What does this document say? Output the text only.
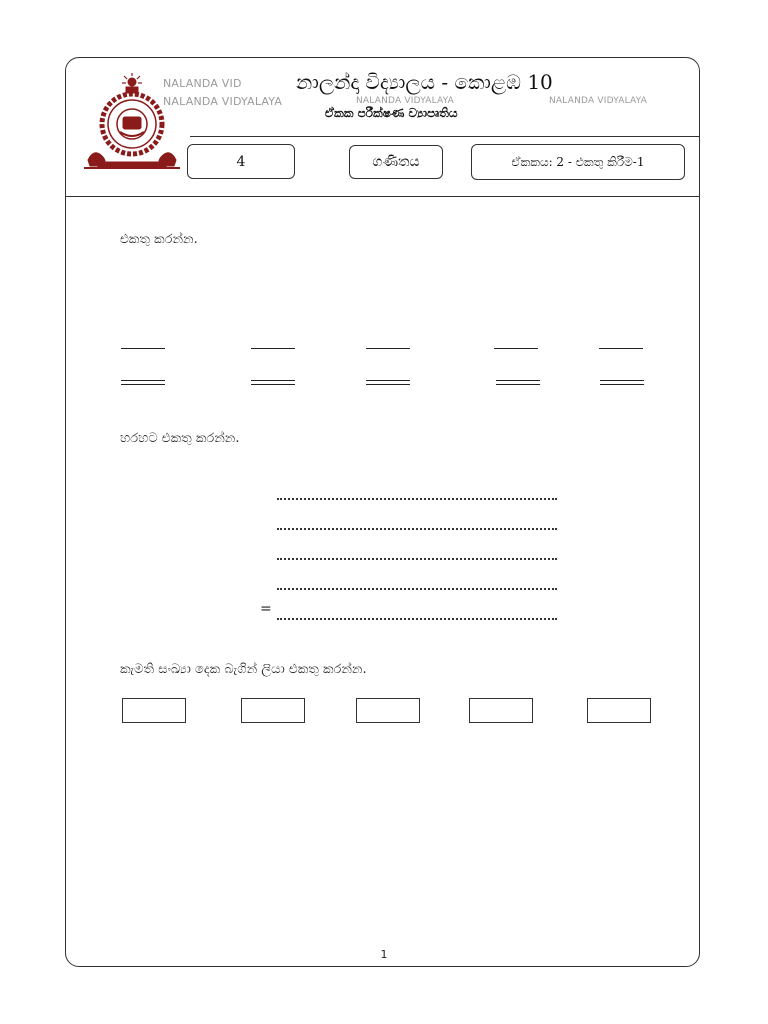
NALANDA VID
NALANDA VIDYALAYA	NALANDA VIDYALAYA	NALANDA VIDYALAYA
නාලන්දා විද්‍යාලය - කොළඹ 10
ඒකක පරීක්ෂණ ව්‍යාපෘතිය
4	ගණිතය	ඒකකය: 2 - එකතු කිරීම-1
එකතු කරන්න.
හරහට එකතු කරන්න.
=
කැමති සංඛ්‍යා දෙක බැගින් ලියා එකතු කරන්න.
1
